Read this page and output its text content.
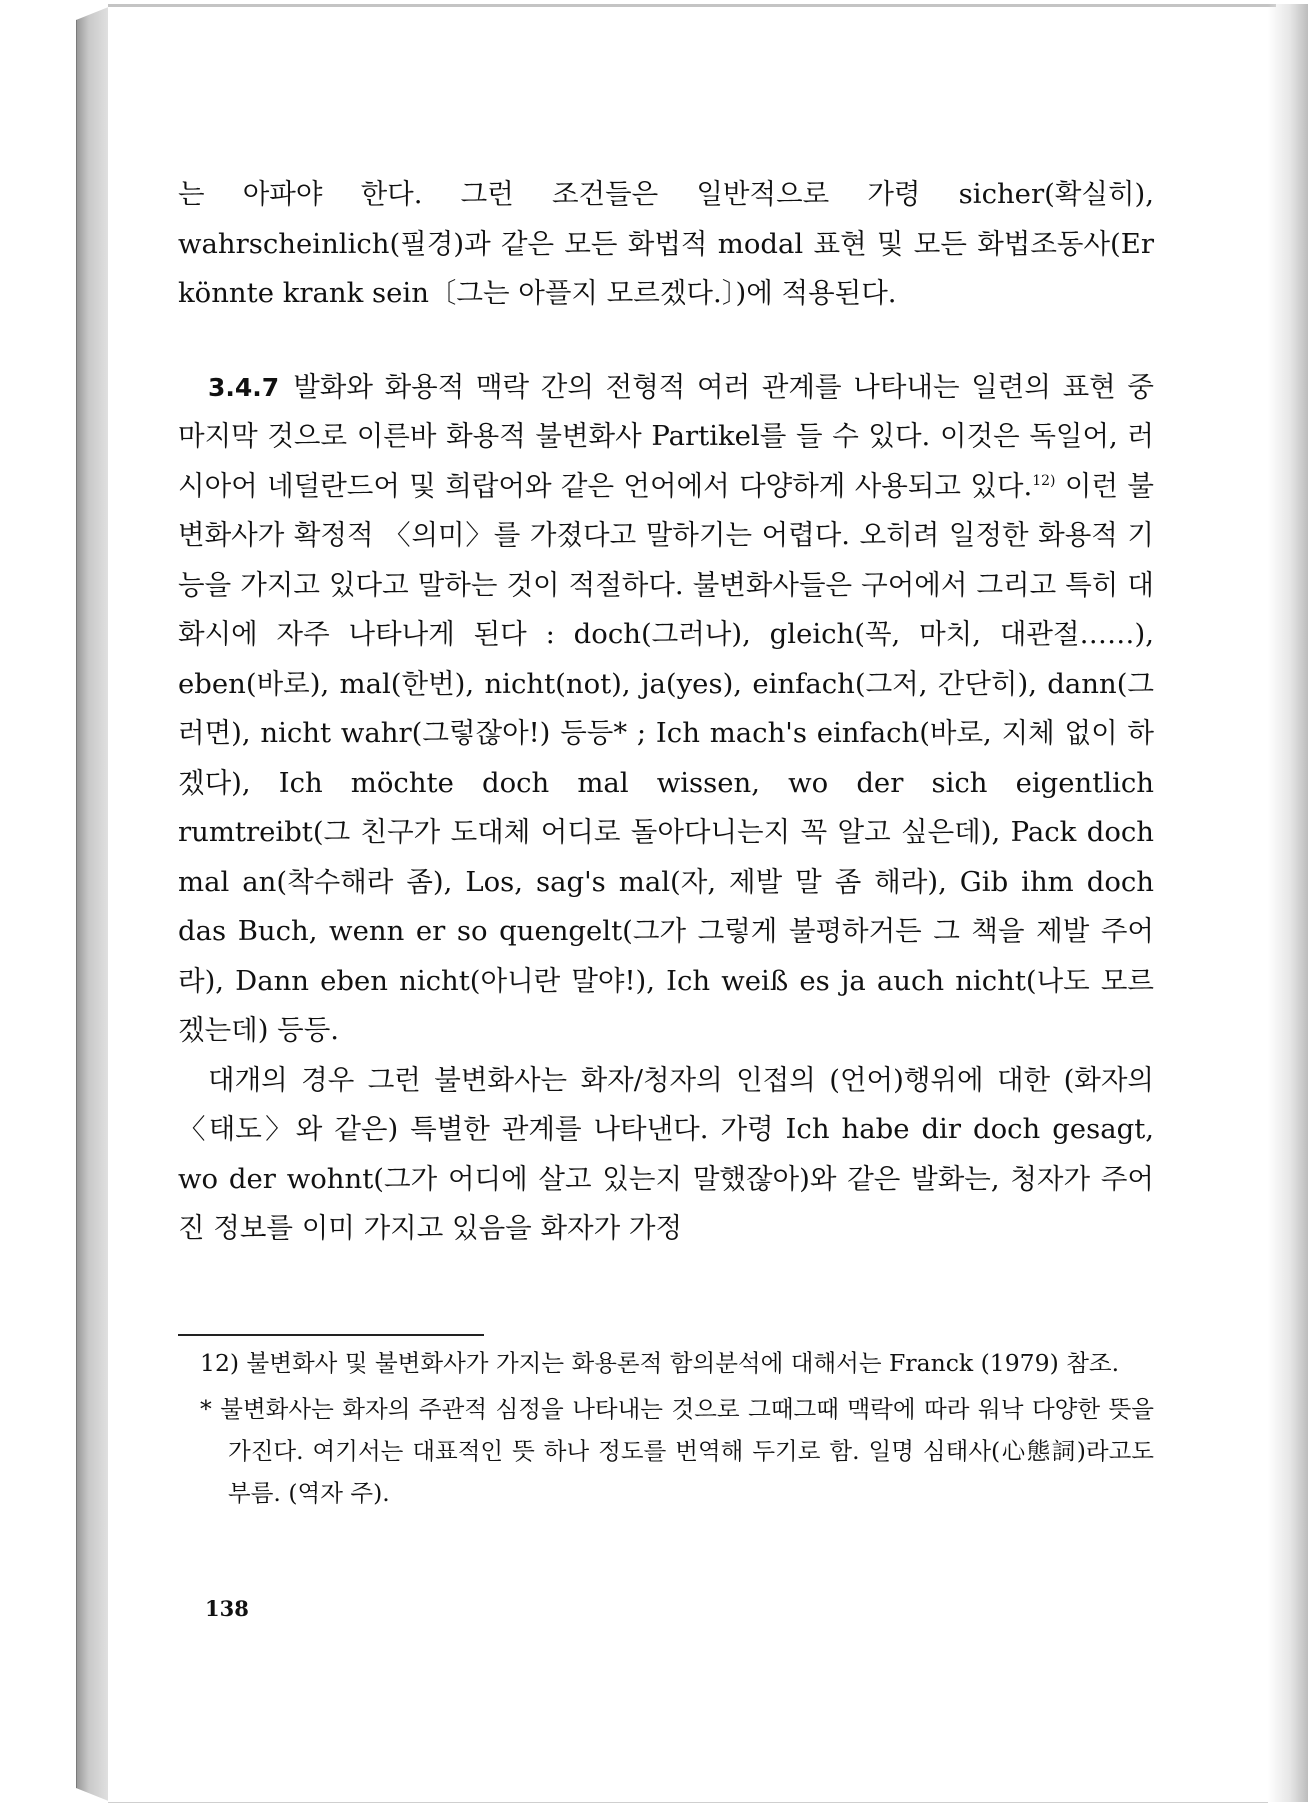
는 아파야 한다. 그런 조건들은 일반적으로 가령 sicher(확실히), wahrscheinlich(필경)과 같은 모든 화법적 modal 표현 및 모든 화법조동사(Er könnte krank sein〔그는 아플지 모르겠다.〕)에 적용된다.

3.4.7 발화와 화용적 맥락 간의 전형적 여러 관계를 나타내는 일련의 표현 중 마지막 것으로 이른바 화용적 불변화사 Partikel를 들 수 있다. 이것은 독일어, 러시아어 네덜란드어 및 희랍어와 같은 언어에서 다양하게 사용되고 있다.$^{12)}$ 이런 불변화사가 확정적 〈의미〉를 가졌다고 말하기는 어렵다. 오히려 일정한 화용적 기능을 가지고 있다고 말하는 것이 적절하다. 불변화사들은 구어에서 그리고 특히 대화시에 자주 나타나게 된다 : doch(그러나), gleich(꼭, 마치, 대관절……), eben(바로), mal(한번), nicht(not), ja(yes), einfach(그저, 간단히), dann(그러면), nicht wahr(그렇잖아!) 등등* ; Ich mach's einfach(바로, 지체 없이 하겠다), Ich möchte doch mal wissen, wo der sich eigentlich rumtreibt(그 친구가 도대체 어디로 돌아다니는지 꼭 알고 싶은데), Pack doch mal an(착수해라 좀), Los, sag's mal(자, 제발 말 좀 해라), Gib ihm doch das Buch, wenn er so quengelt(그가 그렇게 불평하거든 그 책을 제발 주어라), Dann eben nicht(아니란 말야!), Ich weiß es ja auch nicht(나도 모르겠는데) 등등.

대개의 경우 그런 불변화사는 화자/청자의 인접의 (언어)행위에 대한 (화자의 〈태도〉와 같은) 특별한 관계를 나타낸다. 가령 Ich habe dir doch gesagt, wo der wohnt(그가 어디에 살고 있는지 말했잖아)와 같은 발화는, 청자가 주어진 정보를 이미 가지고 있음을 화자가 가정

12) 불변화사 및 불변화사가 가지는 화용론적 함의분석에 대해서는 Franck (1979) 참조.

* 불변화사는 화자의 주관적 심정을 나타내는 것으로 그때그때 맥락에 따라 워낙 다양한 뜻을 가진다. 여기서는 대표적인 뜻 하나 정도를 번역해 두기로 함. 일명 심태사(心態詞)라고도 부름. (역자 주).

138
